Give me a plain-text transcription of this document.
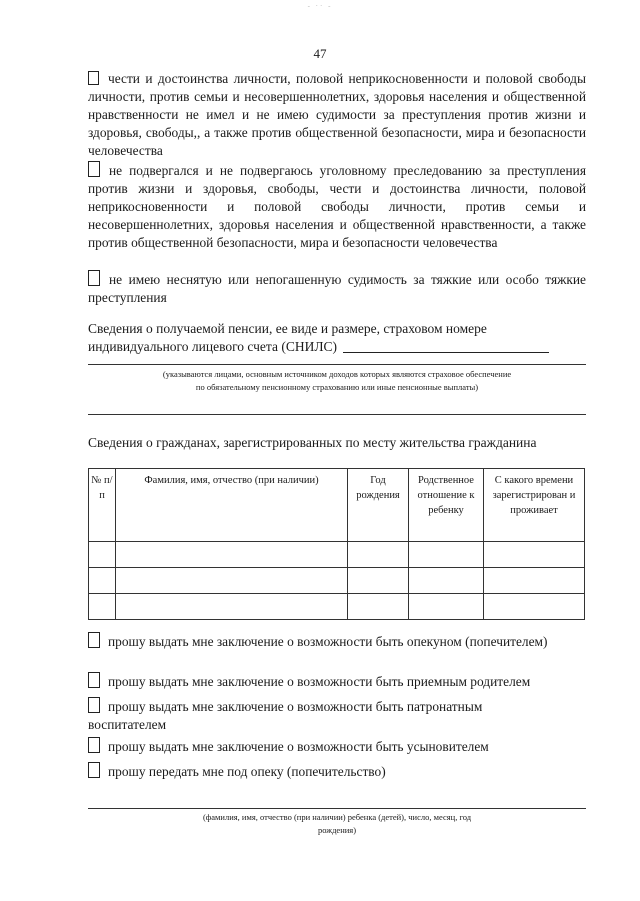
- ·· -
47
чести и достоинства личности, половой неприкосновенности и половой свободы личности, против семьи и несовершеннолетних, здоровья населения и общественной нравственности не имел и не имею судимости за преступления против жизни и здоровья, свободы,, а также против общественной безопасности, мира и безопасности человечества
не подвергался и не подвергаюсь уголовному преследованию за преступления против жизни и здоровья, свободы, чести и достоинства личности, половой неприкосновенности и половой свободы личности, против семьи и несовершеннолетних, здоровья населения и общественной нравственности, а также против общественной безопасности, мира и безопасности человечества
не имею неснятую или непогашенную судимость за тяжкие или особо тяжкие преступления
Сведения о получаемой пенсии, ее виде и размере, страховом номере
индивидуального лицевого счета (СНИЛС)
(указываются лицами, основным источником доходов которых являются страховое обеспечение по обязательному пенсионному страхованию или иные пенсионные выплаты)
Сведения о гражданах, зарегистрированных по месту жительства гражданина
№ п/п	Фамилия, имя, отчество (при наличии)	Год рождения	Родственное отношение к ребенку	С какого времени зарегистрирован и проживает

прошу выдать мне заключение о возможности быть опекуном (попечителем)
прошу выдать мне заключение о возможности быть приемным родителем
прошу выдать мне заключение о возможности быть патронатным воспитателем
прошу выдать мне заключение о возможности быть усыновителем
прошу передать мне под опеку (попечительство)
(фамилия, имя, отчество (при наличии) ребенка (детей), число, месяц, год рождения)
